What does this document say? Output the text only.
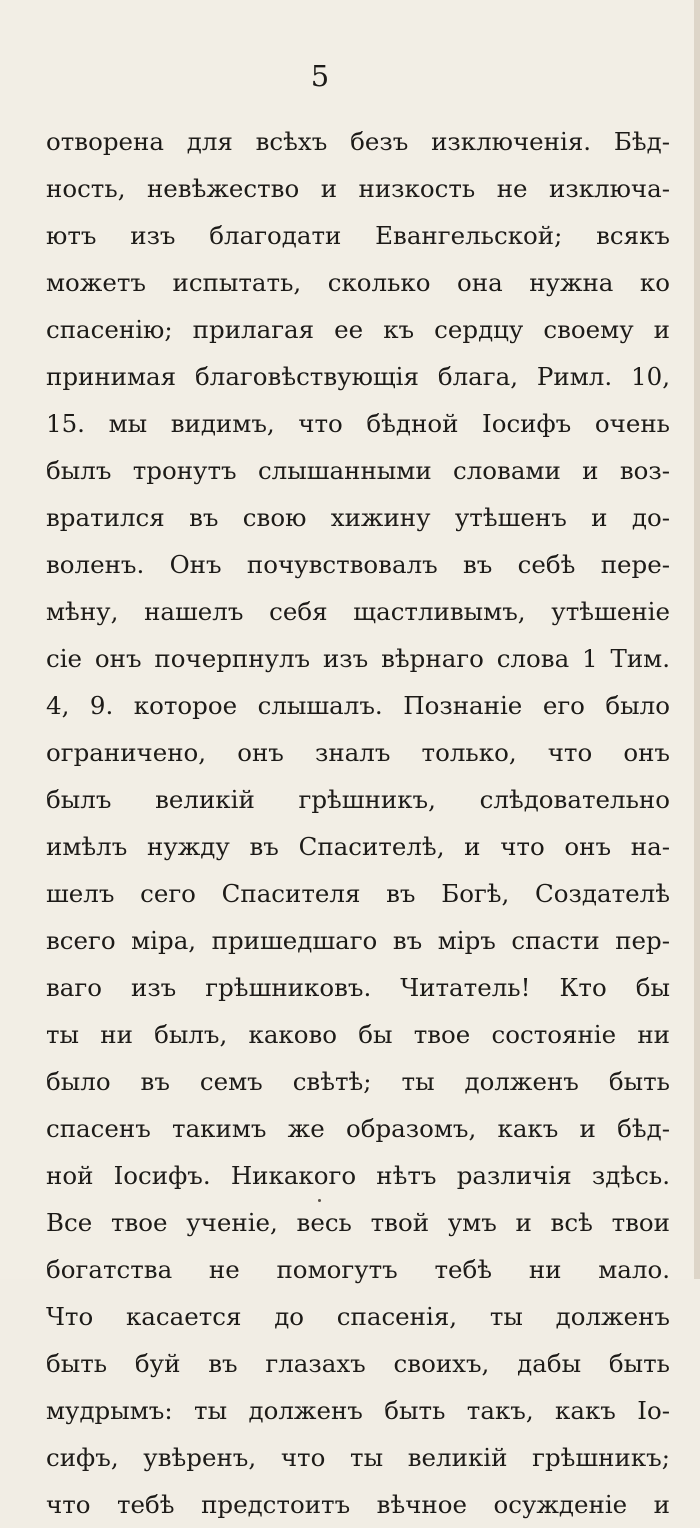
5
отворена для всѣхъ безъ изключенія. Бѣд-
ность, невѣжество и низкость не изключа-
ютъ изъ благодати Евангельской; всякъ
можетъ испытать, сколько она нужна ко
спасенію; прилагая ее къ сердцу своему и
принимая благовѣствующія блага, Римл. 10,
15. мы видимъ, что бѣдной Іосифъ очень
былъ тронутъ слышанными словами и воз-
вратился въ свою хижину утѣшенъ и до-
воленъ. Онъ почувствовалъ въ себѣ пере-
мѣну, нашелъ себя щастливымъ, утѣшеніе
сіе онъ почерпнулъ изъ вѣрнаго слова 1 Тим.
4, 9. которое слышалъ. Познаніе его было
ограничено, онъ зналъ только, что онъ
былъ великій грѣшникъ, слѣдовательно
имѣлъ нужду въ Спасителѣ, и что онъ на-
шелъ сего Спасителя въ Богѣ, Создателѣ
всего міра, пришедшаго въ міръ спасти пер-
ваго изъ грѣшниковъ. Читатель! Кто бы
ты ни былъ, каково бы твое состояніе ни
было въ семъ свѣтѣ; ты долженъ быть
спасенъ такимъ же образомъ, какъ и бѣд-
ной Іосифъ. Никакого нѣтъ различія здѣсь.
Все твое ученіе, весь твой умъ и всѣ твои
богатства не помогутъ тебѣ ни мало.
Что касается до спасенія, ты долженъ
быть буй въ глазахъ своихъ, дабы быть
мудрымъ: ты долженъ быть такъ, какъ Іо-
сифъ, увѣренъ, что ты великій грѣшникъ;
что тебѣ предстоитъ вѣчное осужденіе и
